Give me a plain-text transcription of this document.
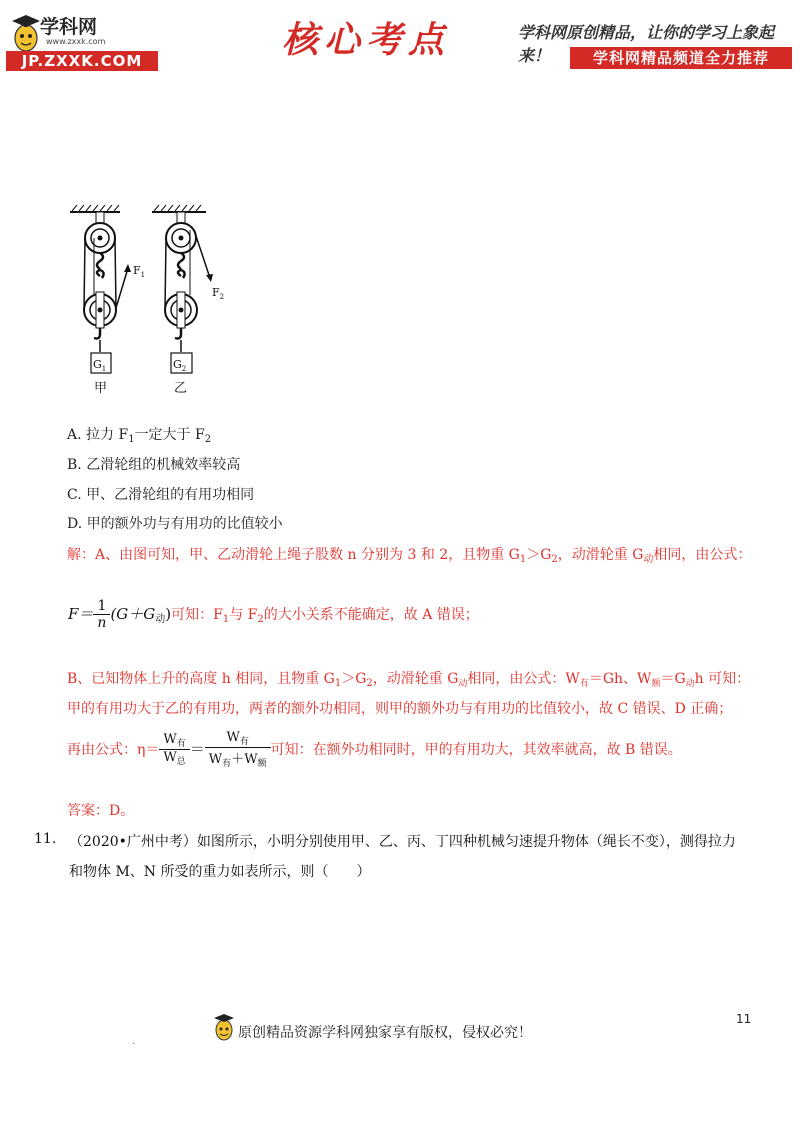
学科网
www.zxxk.com
JP.ZXXK.COM	核心考点	学科网原创精品，让你的学习上象起来！	学科网精品频道全力推荐
$F_1$
$G_1$
甲
$F_2$
$G_2$
乙
A. 拉力 $F_1$一定大于 $F_2$
B. 乙滑轮组的机械效率较高
C. 甲、乙滑轮组的有用功相同
D. 甲的额外功与有用功的比值较小
解：A、由图可知，甲、乙动滑轮上绳子股数 n 分别为 3 和 2，且物重 $G_1>G_2$，动滑轮重 $G_动$相同，由公式：
$F= \frac{1}{n} (G+G_动)$可知：$F_1$与 $F_2$的大小关系不能确定，故 A 错误；
B、已知物体上升的高度 h 相同，且物重 $G_1>G_2$，动滑轮重 $G_动$相同，由公式：$W_有=Gh$、$W_额=G_动h$ 可知：
甲的有用功大于乙的有用功，两者的额外功相同，则甲的额外功与有用功的比值较小，故 C 错误、D 正确；
再由公式：$\eta= \frac{W_有}{W_总} = \frac{W_有}{W_有+W_额}$ 可知：在额外功相同时，甲的有用功大，其效率就高，故 B 错误。
答案：D。
11. （2020•广州中考）如图所示，小明分别使用甲、乙、丙、丁四种机械匀速提升物体（绳长不变），测得拉力
和物体 M、N 所受的重力如表所示，则（　　）
原创精品资源学科网独家享有版权，侵权必究！
11
.
